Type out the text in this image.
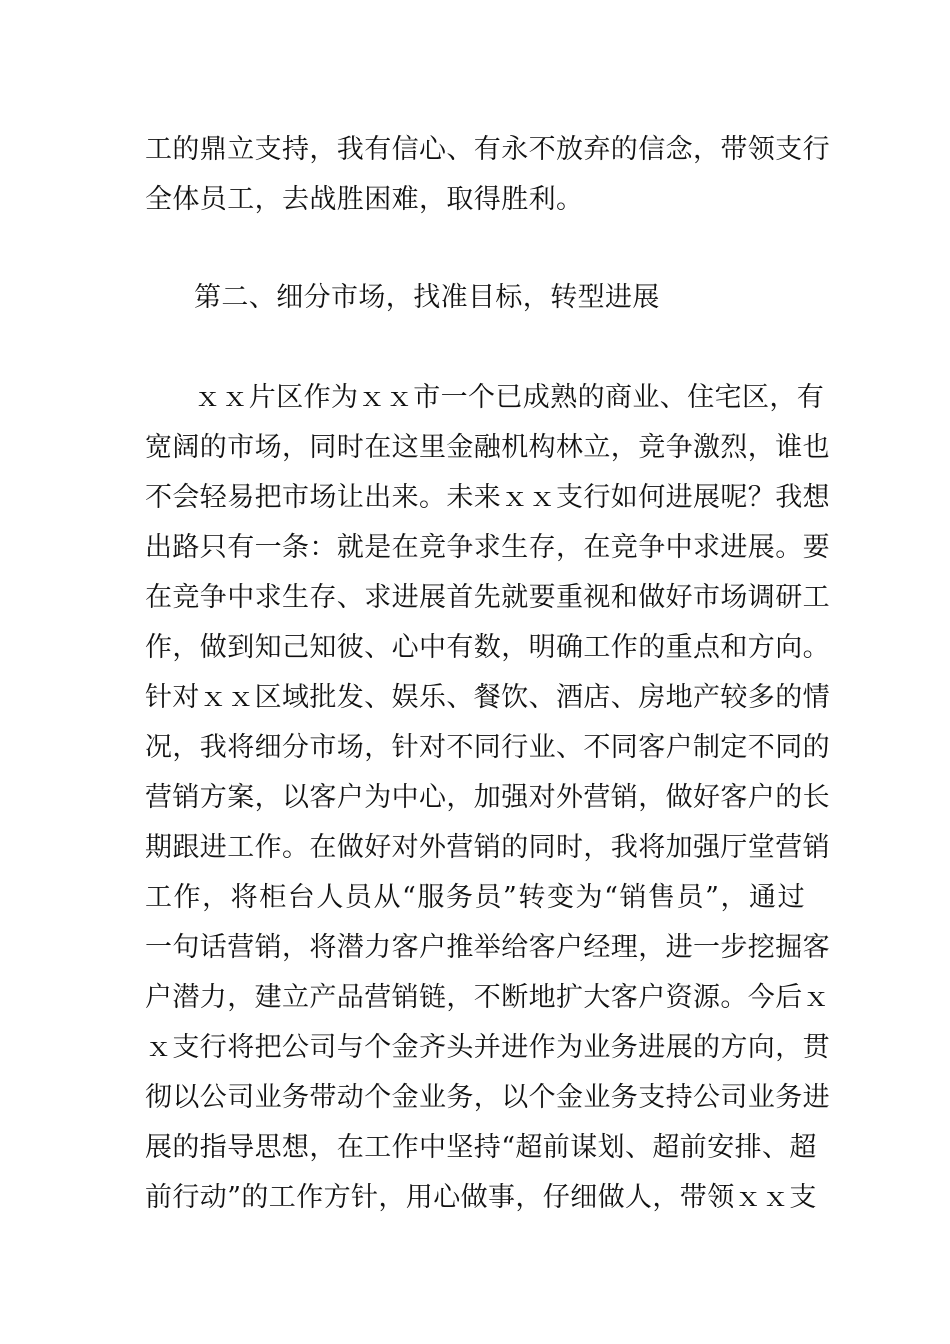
工的鼎立支持，我有信心、有永不放弃的信念，带领支行
全体员工，去战胜困难，取得胜利。
第二、细分市场，找准目标，转型进展
ｘｘ片区作为ｘｘ市一个已成熟的商业、住宅区，有
宽阔的市场，同时在这里金融机构林立，竞争激烈，谁也
不会轻易把市场让出来。未来ｘｘ支行如何进展呢？我想
出路只有一条：就是在竞争求生存，在竞争中求进展。要
在竞争中求生存、求进展首先就要重视和做好市场调研工
作，做到知己知彼、心中有数，明确工作的重点和方向。
针对ｘｘ区域批发、娱乐、餐饮、酒店、房地产较多的情
况，我将细分市场，针对不同行业、不同客户制定不同的
营销方案，以客户为中心，加强对外营销，做好客户的长
期跟进工作。在做好对外营销的同时，我将加强厅堂营销
工作，将柜台人员从“服务员”转变为“销售员”，通过
一句话营销，将潜力客户推举给客户经理，进一步挖掘客
户潜力，建立产品营销链，不断地扩大客户资源。今后ｘ
ｘ支行将把公司与个金齐头并进作为业务进展的方向，贯
彻以公司业务带动个金业务，以个金业务支持公司业务进
展的指导思想，在工作中坚持“超前谋划、超前安排、超
前行动”的工作方针，用心做事，仔细做人，带领ｘｘ支
